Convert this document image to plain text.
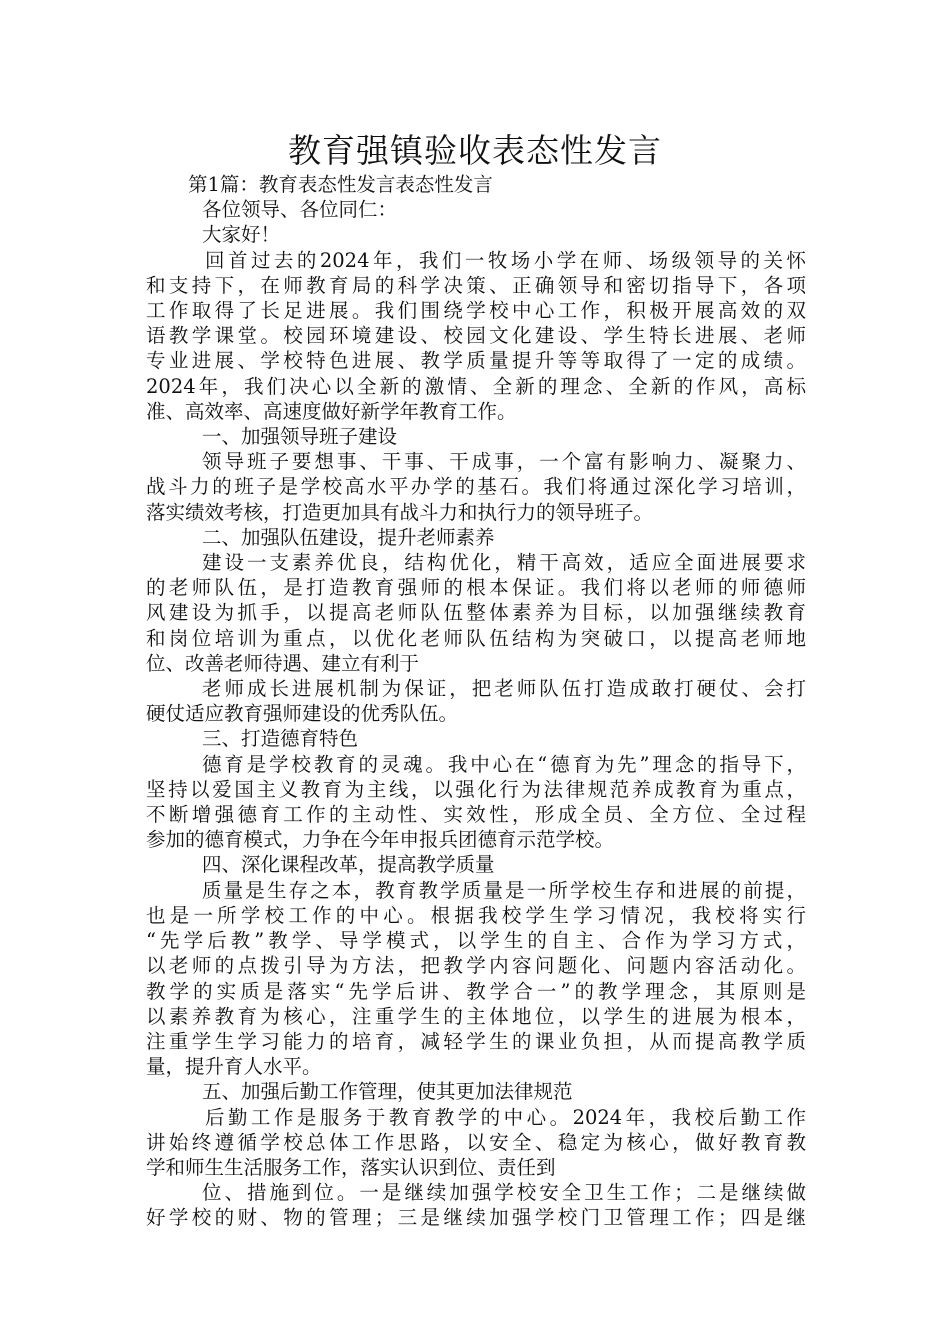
教育强镇验收表态性发言
第1篇：教育表态性发言表态性发言
各位领导、各位同仁：
大家好！
回首过去的2024年，我们一牧场小学在师、场级领导的关怀
和支持下，在师教育局的科学决策、正确领导和密切指导下，各项
工作取得了长足进展。我们围绕学校中心工作，积极开展高效的双
语教学课堂。校园环境建设、校园文化建设、学生特长进展、老师
专业进展、学校特色进展、教学质量提升等等取得了一定的成绩。
2024年，我们决心以全新的激情、全新的理念、全新的作风，高标
准、高效率、高速度做好新学年教育工作。
一、加强领导班子建设
领导班子要想事、干事、干成事，一个富有影响力、凝聚力、
战斗力的班子是学校高水平办学的基石。我们将通过深化学习培训，
落实绩效考核，打造更加具有战斗力和执行力的领导班子。
二、加强队伍建设，提升老师素养
建设一支素养优良，结构优化，精干高效，适应全面进展要求
的老师队伍，是打造教育强师的根本保证。我们将以老师的师德师
风建设为抓手，以提高老师队伍整体素养为目标，以加强继续教育
和岗位培训为重点，以优化老师队伍结构为突破口，以提高老师地
位、改善老师待遇、建立有利于
老师成长进展机制为保证，把老师队伍打造成敢打硬仗、会打
硬仗适应教育强师建设的优秀队伍。
三、打造德育特色
德育是学校教育的灵魂。我中心在“德育为先”理念的指导下，
坚持以爱国主义教育为主线，以强化行为法律规范养成教育为重点，
不断增强德育工作的主动性、实效性，形成全员、全方位、全过程
参加的德育模式，力争在今年申报兵团德育示范学校。
四、深化课程改革，提高教学质量
质量是生存之本，教育教学质量是一所学校生存和进展的前提，
也是一所学校工作的中心。根据我校学生学习情况，我校将实行
“先学后教”教学、导学模式，以学生的自主、合作为学习方式，
以老师的点拨引导为方法，把教学内容问题化、问题内容活动化。
教学的实质是落实“先学后讲、教学合一”的教学理念，其原则是
以素养教育为核心，注重学生的主体地位，以学生的进展为根本，
注重学生学习能力的培育，减轻学生的课业负担，从而提高教学质
量，提升育人水平。
五、加强后勤工作管理，使其更加法律规范
后勤工作是服务于教育教学的中心。2024年，我校后勤工作
讲始终遵循学校总体工作思路，以安全、稳定为核心，做好教育教
学和师生生活服务工作，落实认识到位、责任到
位、措施到位。一是继续加强学校安全卫生工作；二是继续做
好学校的财、物的管理；三是继续加强学校门卫管理工作；四是继
